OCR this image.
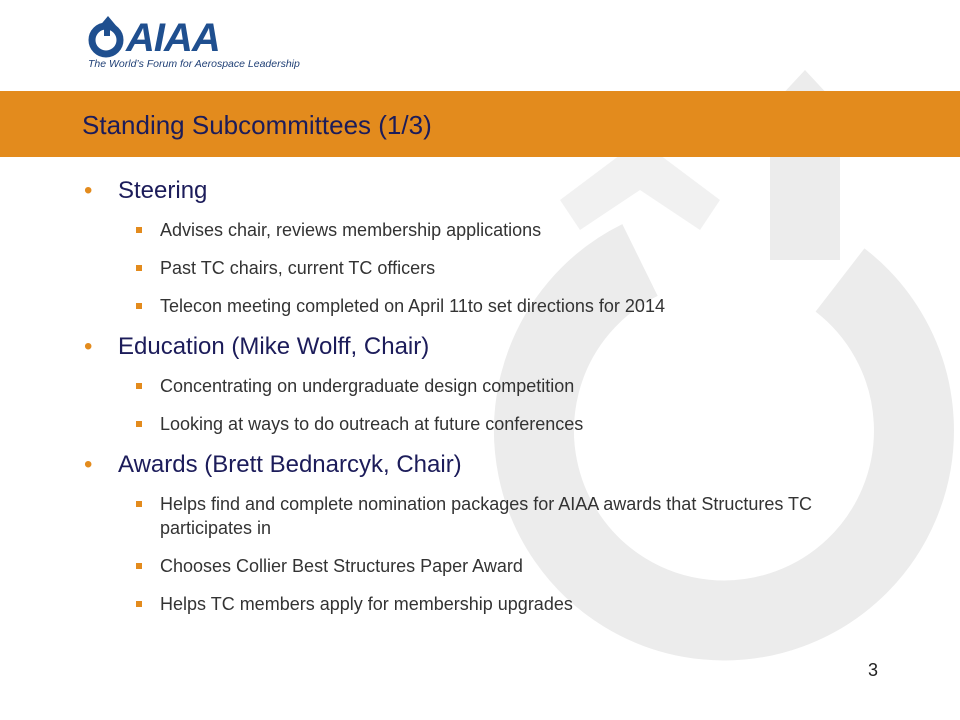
AIAA
The World’s Forum for Aerospace Leadership
Standing Subcommittees (1/3)
• Steering
Advises chair, reviews membership applications
Past TC chairs, current TC officers
Telecon meeting completed on April 11to set directions for 2014
• Education (Mike Wolff, Chair)
Concentrating on undergraduate design competition
Looking at ways to do outreach at future conferences
• Awards (Brett Bednarcyk, Chair)
Helps find and complete nomination packages for AIAA awards that Structures TC participates in
Chooses Collier Best Structures Paper Award
Helps TC members apply for membership upgrades
3
